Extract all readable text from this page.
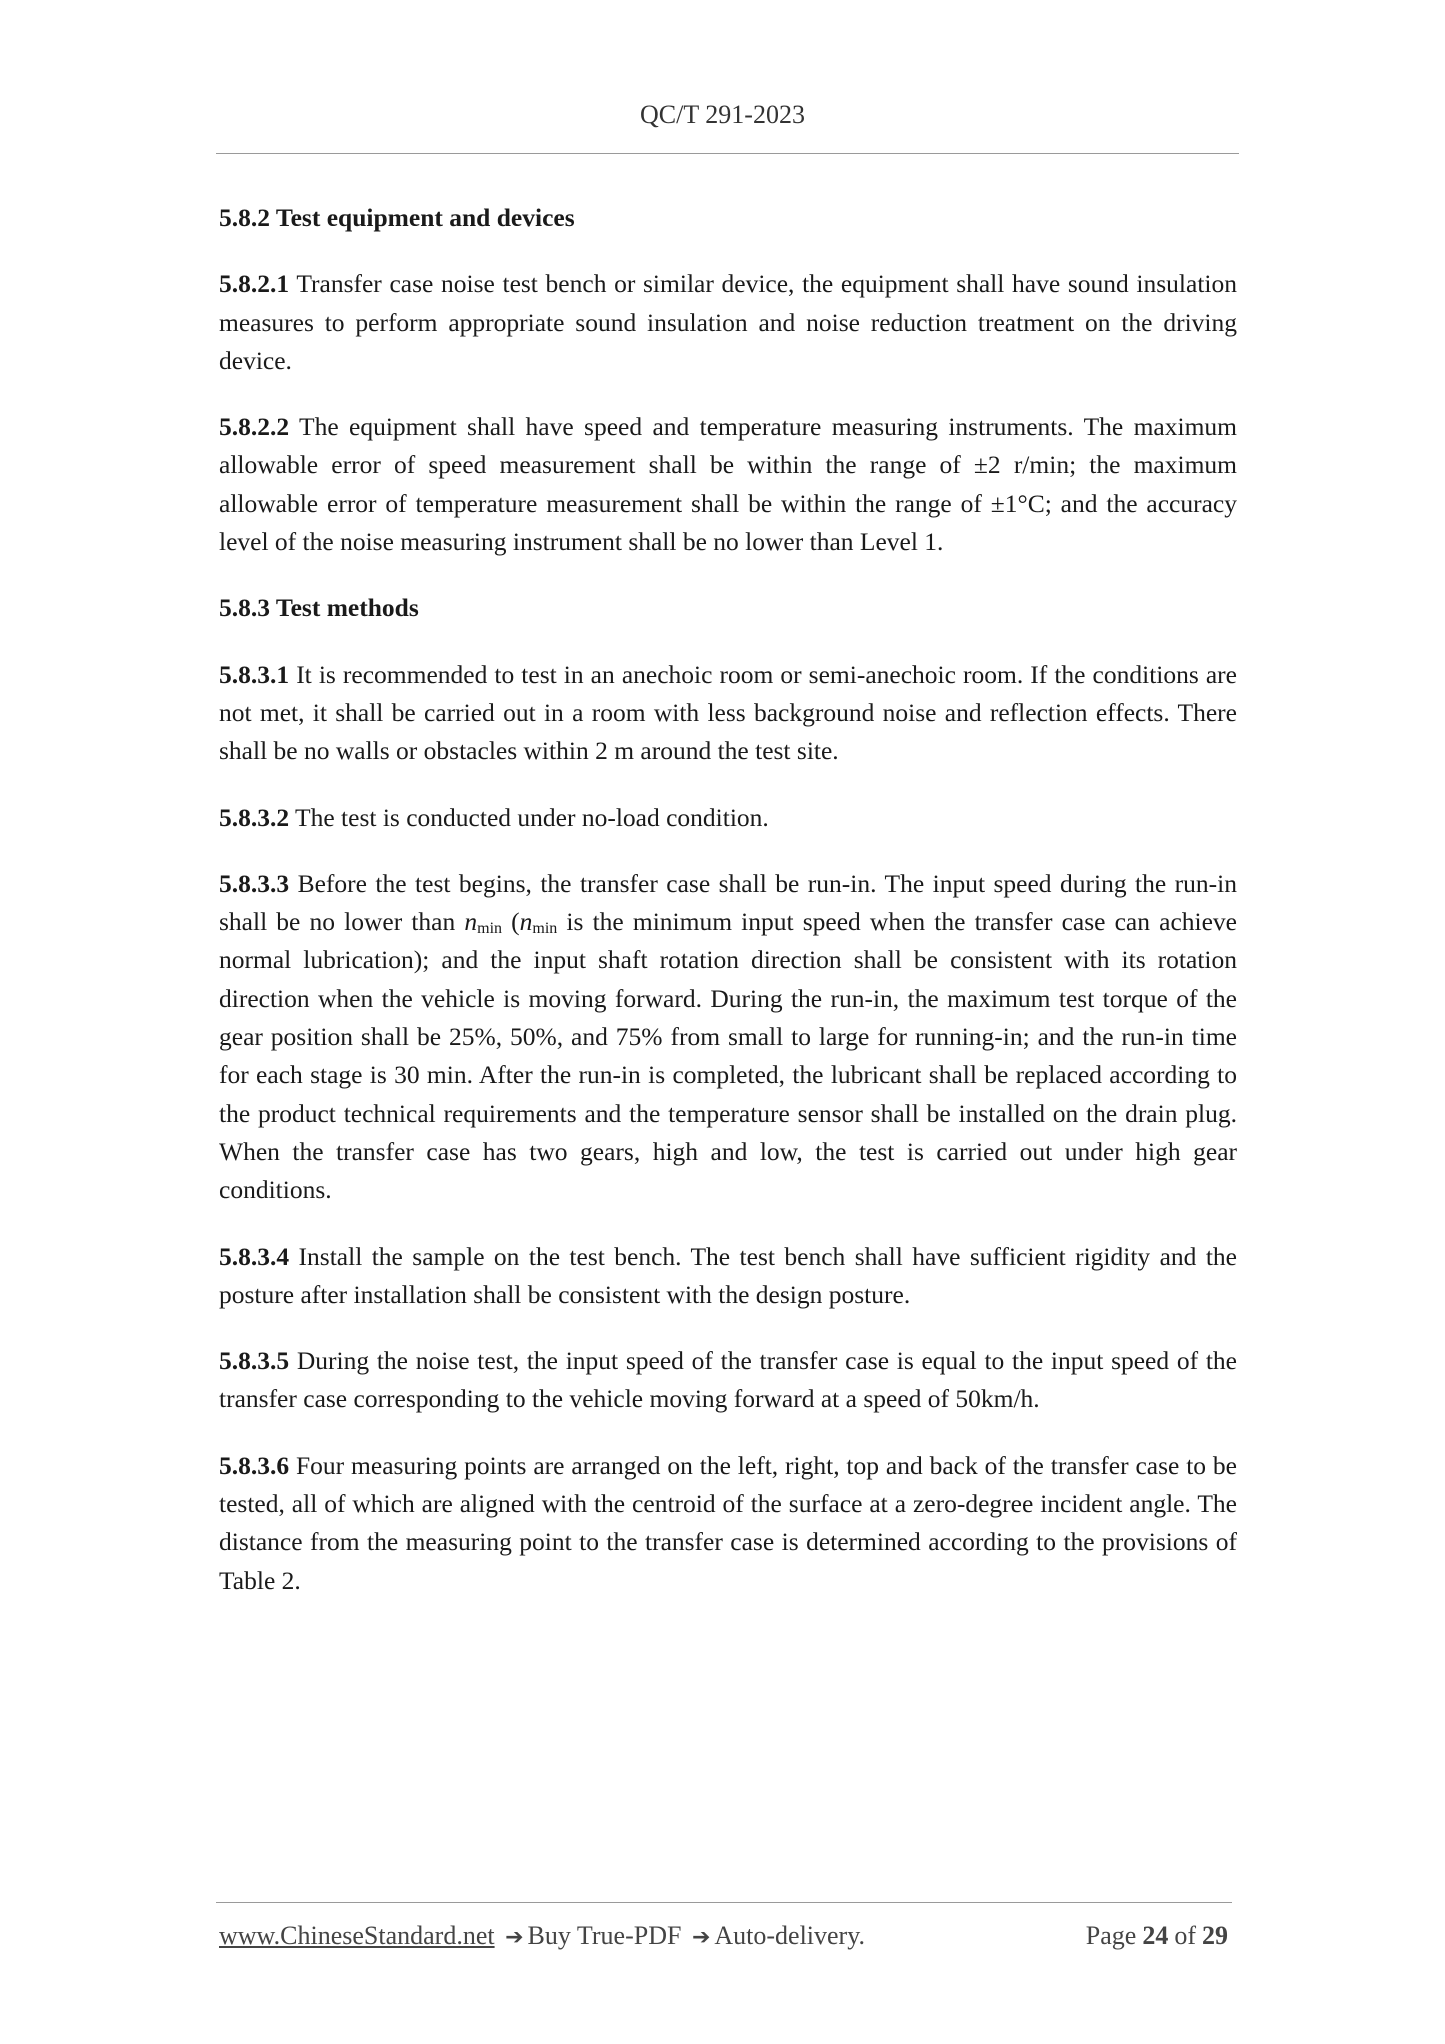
QC/T 291-2023

5.8.2 Test equipment and devices

5.8.2.1 Transfer case noise test bench or similar device, the equipment shall have sound insulation measures to perform appropriate sound insulation and noise reduction treatment on the driving device.

5.8.2.2 The equipment shall have speed and temperature measuring instruments. The maximum allowable error of speed measurement shall be within the range of ±2 r/min; the maximum allowable error of temperature measurement shall be within the range of ±1°C; and the accuracy level of the noise measuring instrument shall be no lower than Level 1.

5.8.3 Test methods

5.8.3.1 It is recommended to test in an anechoic room or semi-anechoic room. If the conditions are not met, it shall be carried out in a room with less background noise and reflection effects. There shall be no walls or obstacles within 2 m around the test site.

5.8.3.2 The test is conducted under no-load condition.

5.8.3.3 Before the test begins, the transfer case shall be run-in. The input speed during the run-in shall be no lower than $n_{min}$ ($n_{min}$ is the minimum input speed when the transfer case can achieve normal lubrication); and the input shaft rotation direction shall be consistent with its rotation direction when the vehicle is moving forward. During the run-in, the maximum test torque of the gear position shall be 25%, 50%, and 75% from small to large for running-in; and the run-in time for each stage is 30 min. After the run-in is completed, the lubricant shall be replaced according to the product technical requirements and the temperature sensor shall be installed on the drain plug. When the transfer case has two gears, high and low, the test is carried out under high gear conditions.

5.8.3.4 Install the sample on the test bench. The test bench shall have sufficient rigidity and the posture after installation shall be consistent with the design posture.

5.8.3.5 During the noise test, the input speed of the transfer case is equal to the input speed of the transfer case corresponding to the vehicle moving forward at a speed of 50km/h.

5.8.3.6 Four measuring points are arranged on the left, right, top and back of the transfer case to be tested, all of which are aligned with the centroid of the surface at a zero-degree incident angle. The distance from the measuring point to the transfer case is determined according to the provisions of Table 2.

www.ChineseStandard.net ➔ Buy True-PDF ➔ Auto-delivery.	Page 24 of 29
